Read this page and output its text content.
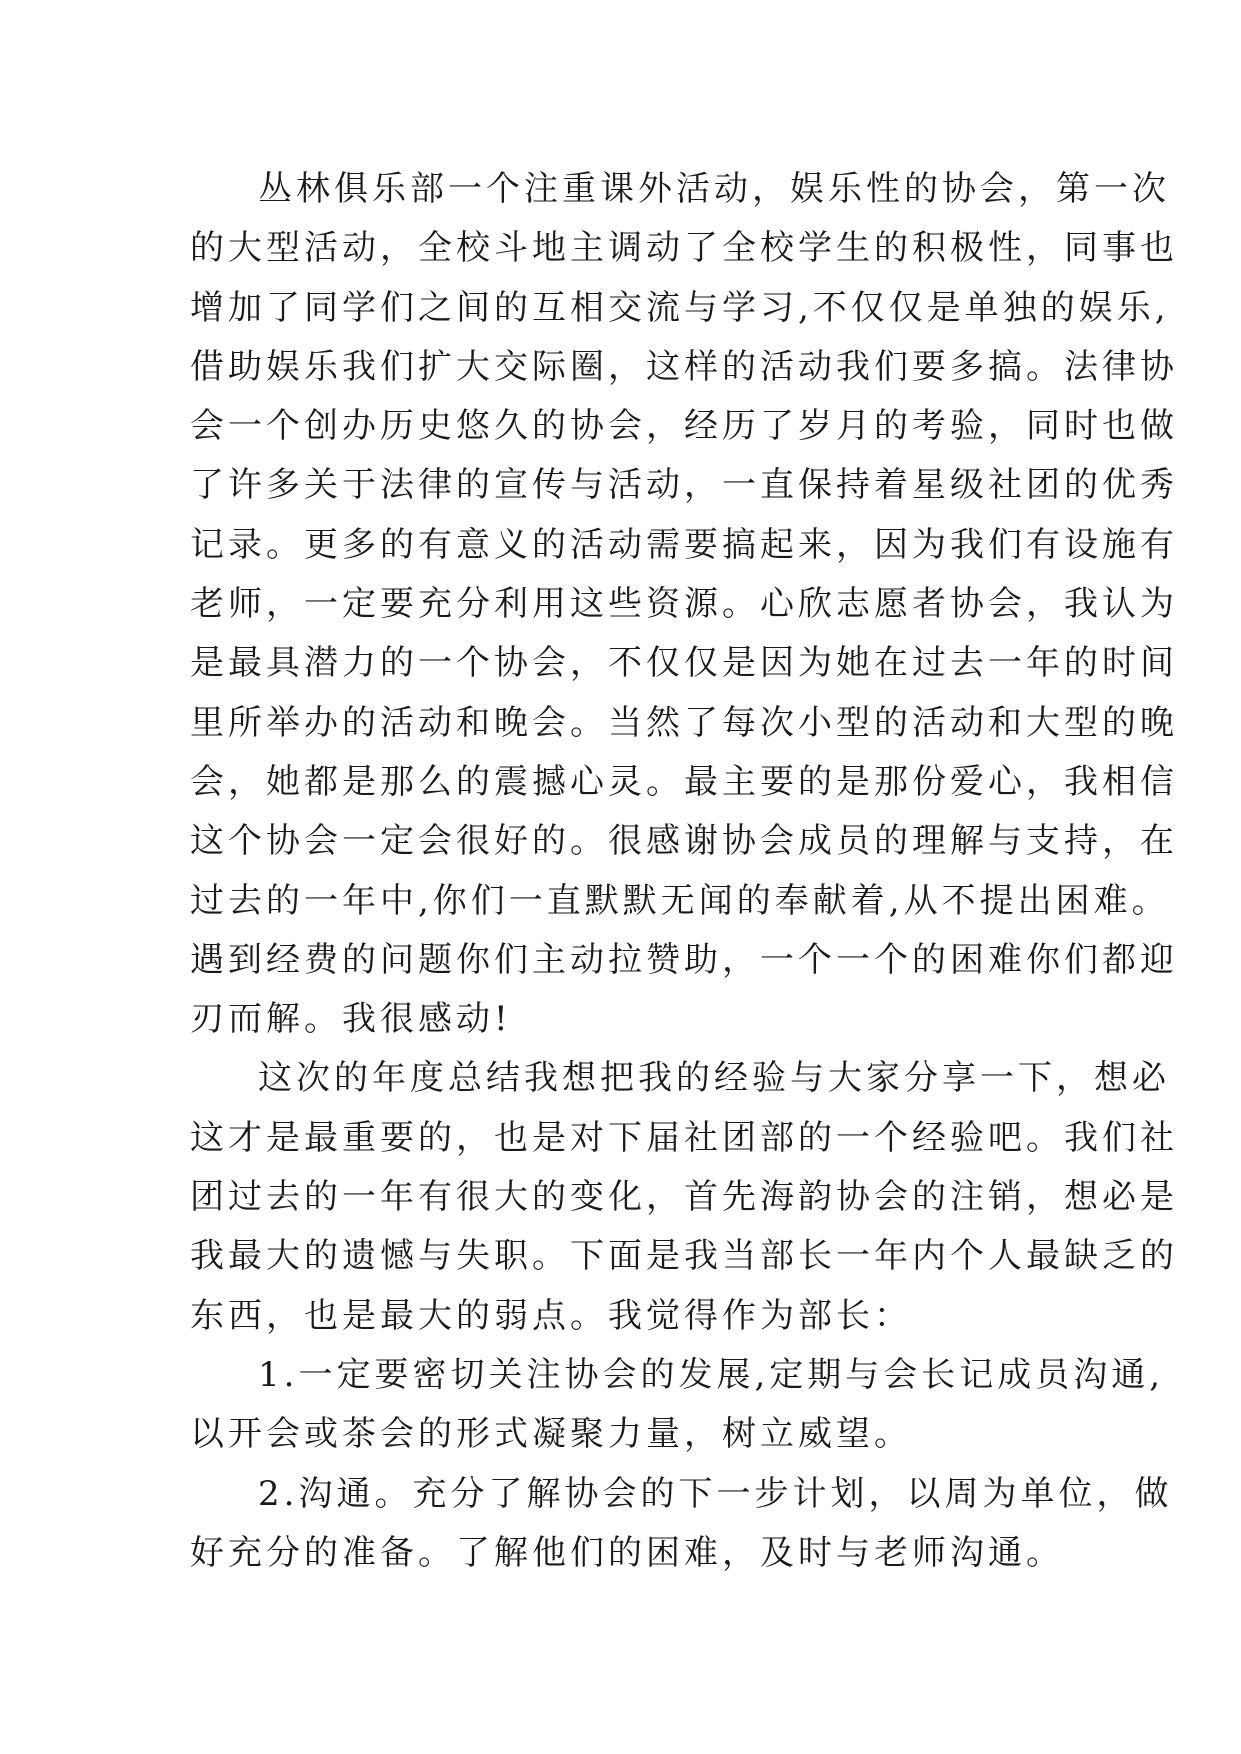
丛林俱乐部一个注重课外活动，娱乐性的协会，第一次
的大型活动，全校斗地主调动了全校学生的积极性，同事也
增加了同学们之间的互相交流与学习,不仅仅是单独的娱乐,
借助娱乐我们扩大交际圈，这样的活动我们要多搞。法律协
会一个创办历史悠久的协会，经历了岁月的考验，同时也做
了许多关于法律的宣传与活动，一直保持着星级社团的优秀
记录。更多的有意义的活动需要搞起来，因为我们有设施有
老师，一定要充分利用这些资源。心欣志愿者协会，我认为
是最具潜力的一个协会，不仅仅是因为她在过去一年的时间
里所举办的活动和晚会。当然了每次小型的活动和大型的晚
会，她都是那么的震撼心灵。最主要的是那份爱心，我相信
这个协会一定会很好的。很感谢协会成员的理解与支持，在
过去的一年中,你们一直默默无闻的奉献着,从不提出困难。
遇到经费的问题你们主动拉赞助，一个一个的困难你们都迎
刃而解。我很感动!
这次的年度总结我想把我的经验与大家分享一下，想必
这才是最重要的，也是对下届社团部的一个经验吧。我们社
团过去的一年有很大的变化，首先海韵协会的注销，想必是
我最大的遗憾与失职。下面是我当部长一年内个人最缺乏的
东西，也是最大的弱点。我觉得作为部长：
1.一定要密切关注协会的发展,定期与会长记成员沟通,
以开会或茶会的形式凝聚力量，树立威望。
2.沟通。充分了解协会的下一步计划，以周为单位，做
好充分的准备。了解他们的困难，及时与老师沟通。
